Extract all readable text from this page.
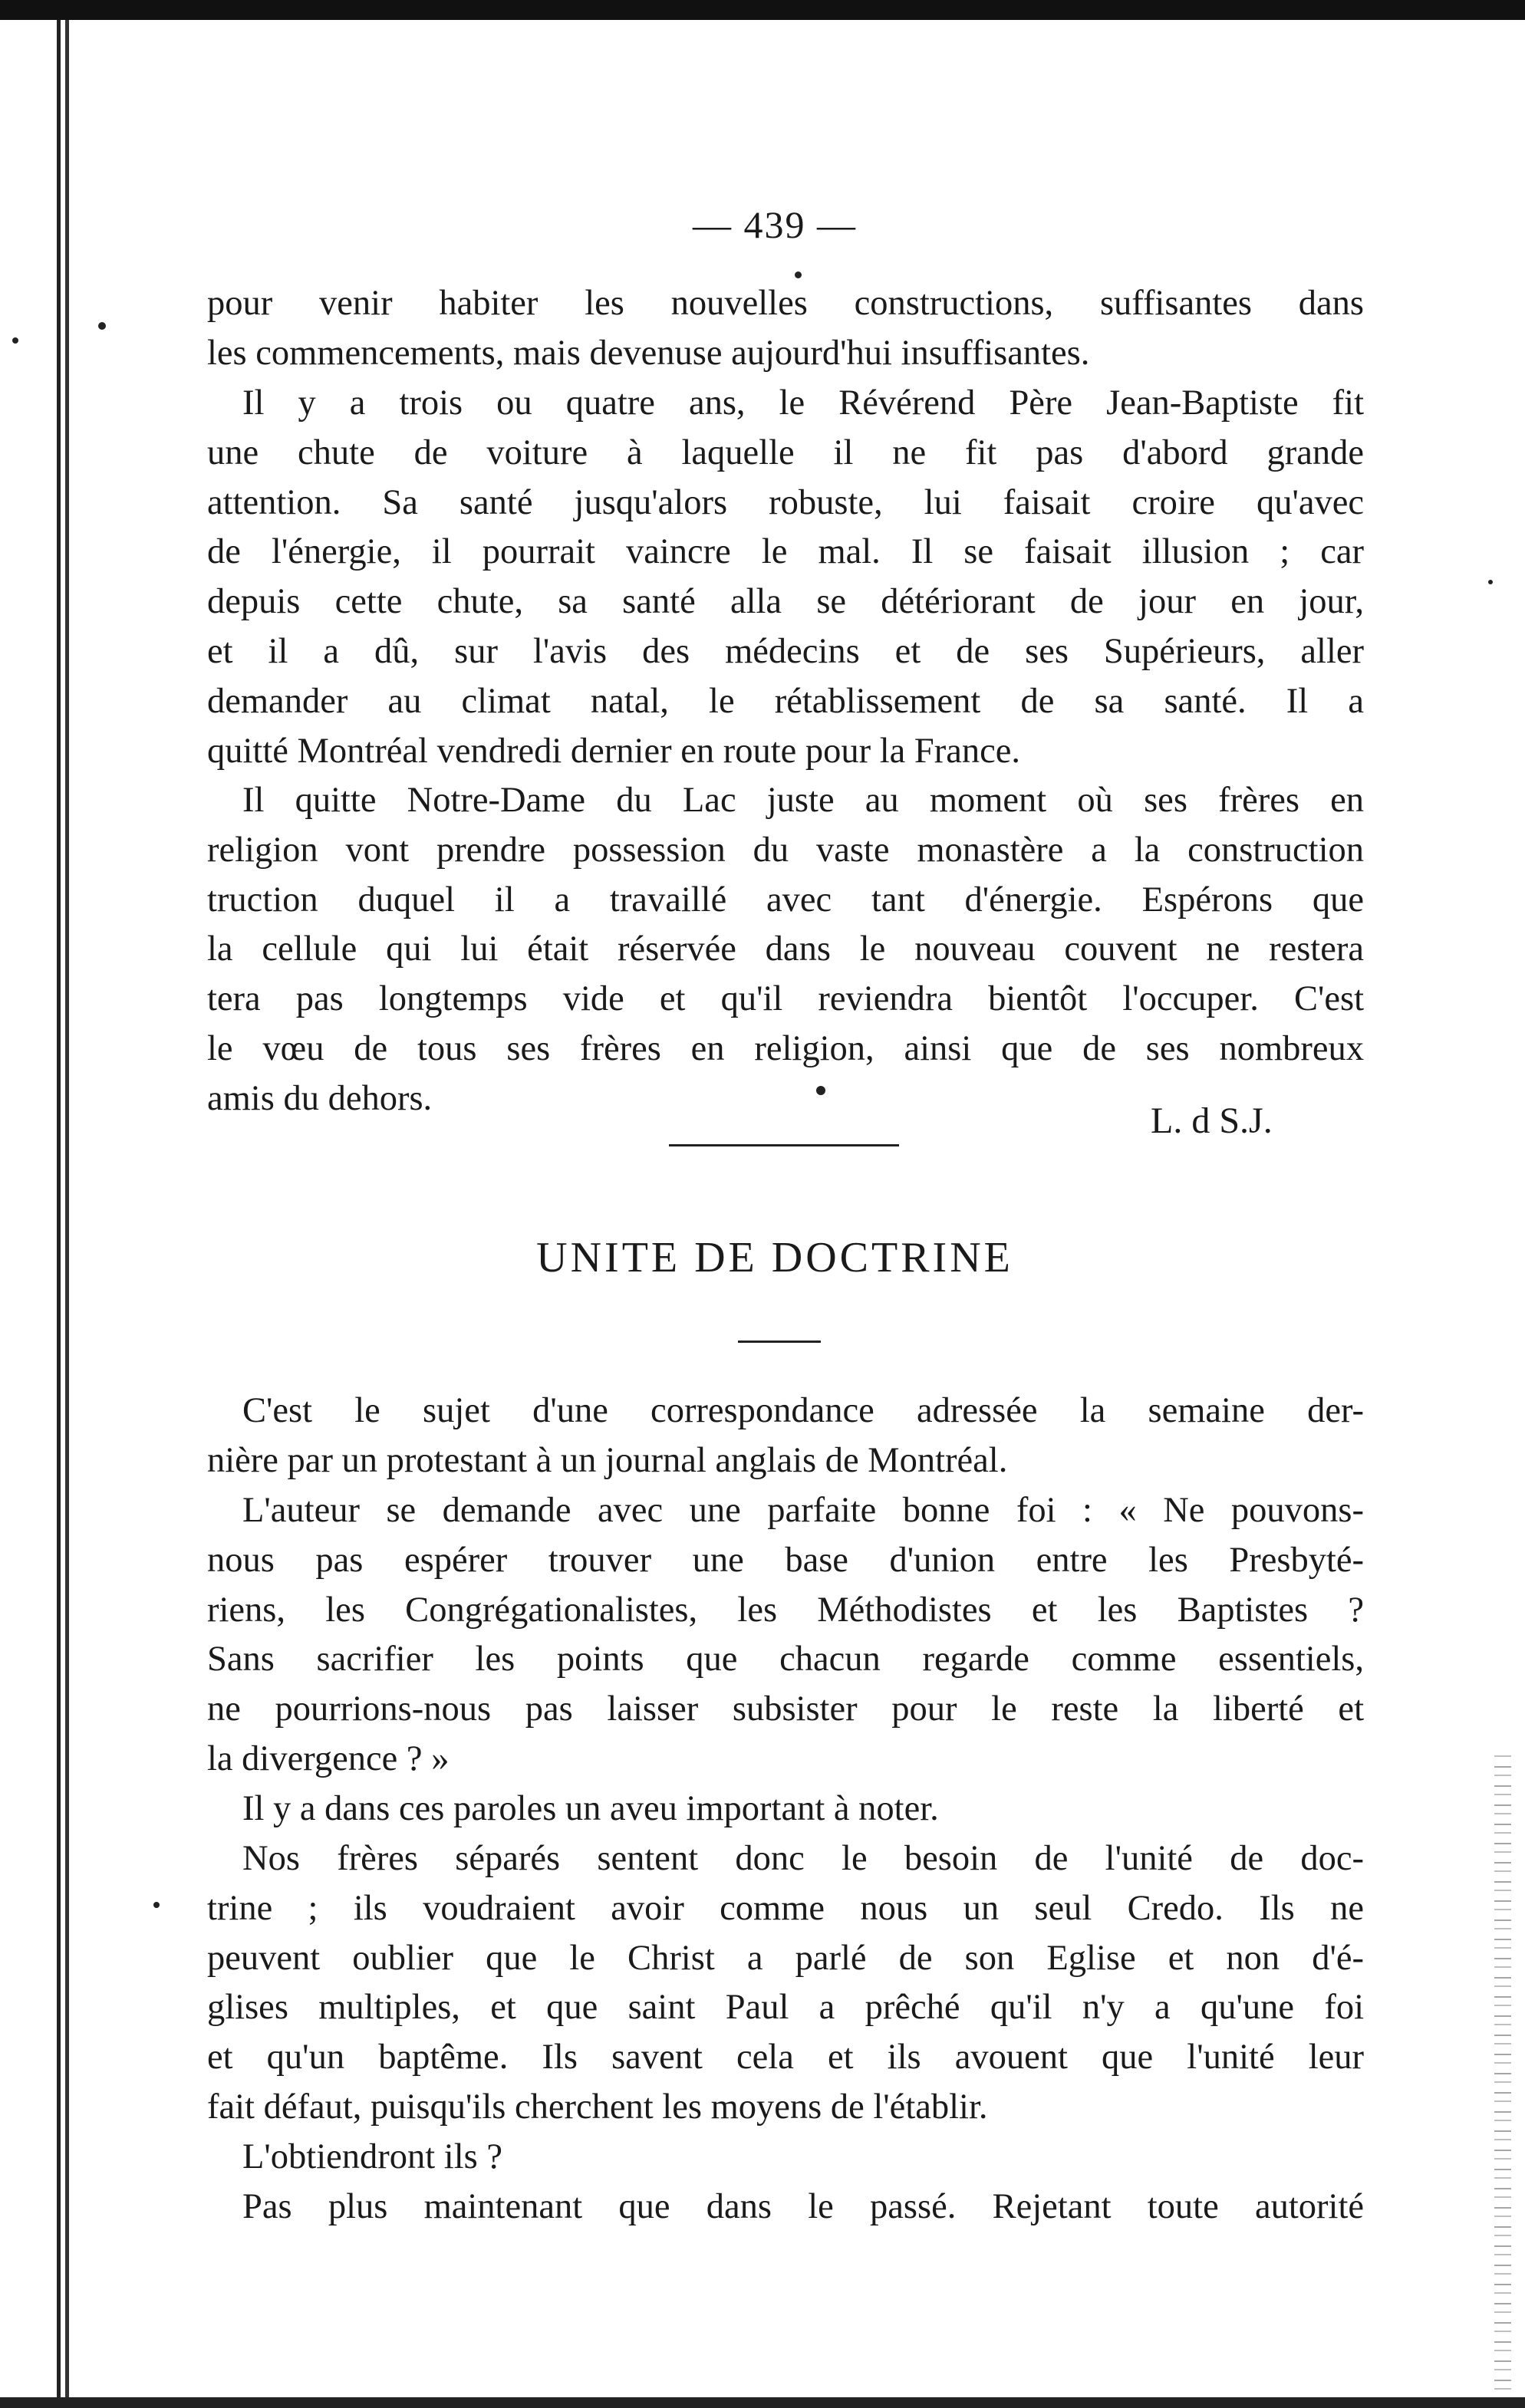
— 439 —
pour venir habiter les nouvelles constructions, suffisantes dans
les commencements, mais devenuse aujourd'hui insuffisantes.
Il y a trois ou quatre ans, le Révérend Père Jean-Baptiste fit
une chute de voiture à laquelle il ne fit pas d'abord grande
attention. Sa santé jusqu'alors robuste, lui faisait croire qu'avec
de l'énergie, il pourrait vaincre le mal. Il se faisait illusion ; car
depuis cette chute, sa santé alla se détériorant de jour en jour,
et il a dû, sur l'avis des médecins et de ses Supérieurs, aller
demander au climat natal, le rétablissement de sa santé. Il a
quitté Montréal vendredi dernier en route pour la France.
Il quitte Notre-Dame du Lac juste au moment où ses frères en
religion vont prendre possession du vaste monastère a la construction
truction duquel il a travaillé avec tant d'énergie. Espérons que
la cellule qui lui était réservée dans le nouveau couvent ne restera
tera pas longtemps vide et qu'il reviendra bientôt l'occuper. C'est
le vœu de tous ses frères en religion, ainsi que de ses nombreux
amis du dehors.
L. d S.J.
UNITE DE DOCTRINE
C'est le sujet d'une correspondance adressée la semaine der-
nière par un protestant à un journal anglais de Montréal.
L'auteur se demande avec une parfaite bonne foi : « Ne pouvons-
nous pas espérer trouver une base d'union entre les Presbyté-
riens, les Congrégationalistes, les Méthodistes et les Baptistes ?
Sans sacrifier les points que chacun regarde comme essentiels,
ne pourrions-nous pas laisser subsister pour le reste la liberté et
la divergence ? »
Il y a dans ces paroles un aveu important à noter.
Nos frères séparés sentent donc le besoin de l'unité de doc-
trine ; ils voudraient avoir comme nous un seul Credo. Ils ne
peuvent oublier que le Christ a parlé de son Eglise et non d'é-
glises multiples, et que saint Paul a prêché qu'il n'y a qu'une foi
et qu'un baptême. Ils savent cela et ils avouent que l'unité leur
fait défaut, puisqu'ils cherchent les moyens de l'établir.
L'obtiendront ils ?
Pas plus maintenant que dans le passé. Rejetant toute autorité
